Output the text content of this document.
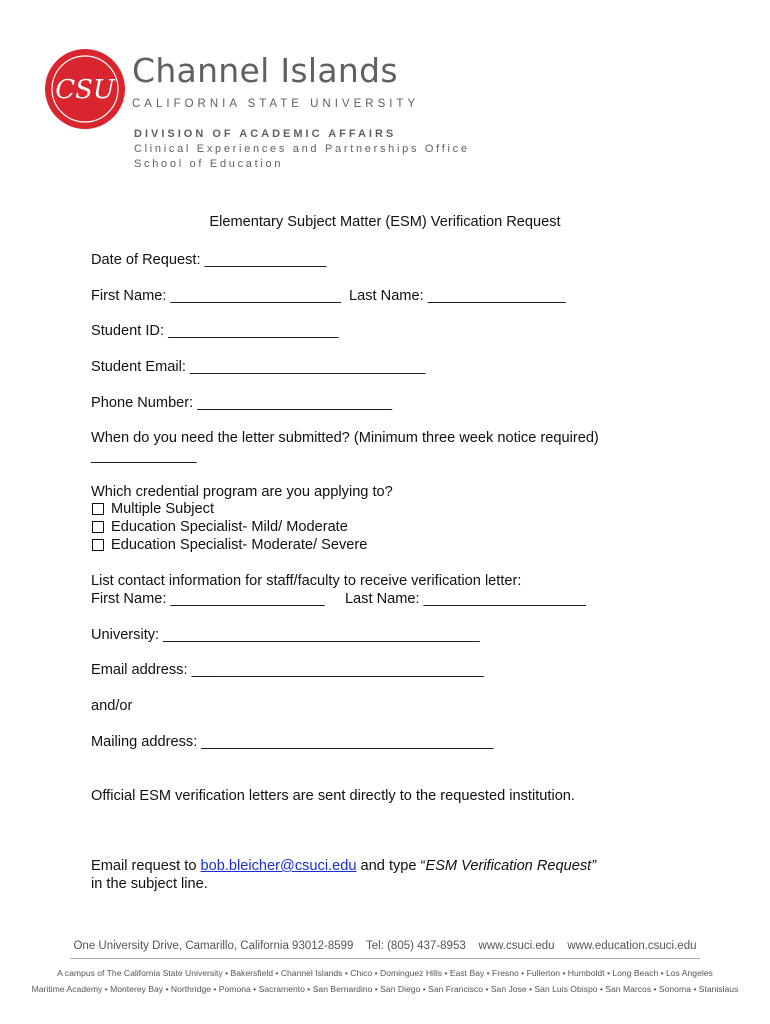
CSU Channel Islands
CALIFORNIA STATE UNIVERSITY
DIVISION OF ACADEMIC AFFAIRS
Clinical Experiences and Partnerships Office
School of Education
Elementary Subject Matter (ESM) Verification Request
Date of Request: _______________
First Name: _____________________  Last Name: _________________
Student ID: _____________________
Student Email: _____________________________
Phone Number: ________________________
When do you need the letter submitted? (Minimum three week notice required)
_____________
Which credential program are you applying to?
Multiple Subject
Education Specialist- Mild/ Moderate
Education Specialist- Moderate/ Severe
List contact information for staff/faculty to receive verification letter:
First Name: ___________________     Last Name: ____________________
University: _______________________________________
Email address: ____________________________________
and/or
Mailing address: ____________________________________
Official ESM verification letters are sent directly to the requested institution.
Email request to bob.bleicher@csuci.edu and type “ESM Verification Request”
in the subject line.
One University Drive, Camarillo, California 93012-8599    Tel: (805) 437-8953    www.csuci.edu    www.education.csuci.edu
A campus of The California State University • Bakersfield • Channel Islands • Chico • Dominguez Hills • East Bay • Fresno • Fullerton • Humboldt • Long Beach • Los Angeles
Maritime Academy • Monterey Bay • Northridge • Pomona • Sacramento • San Bernardino • San Diego • San Francisco • San Jose • San Luis Obispo • San Marcos • Sonoma • Stanislaus
